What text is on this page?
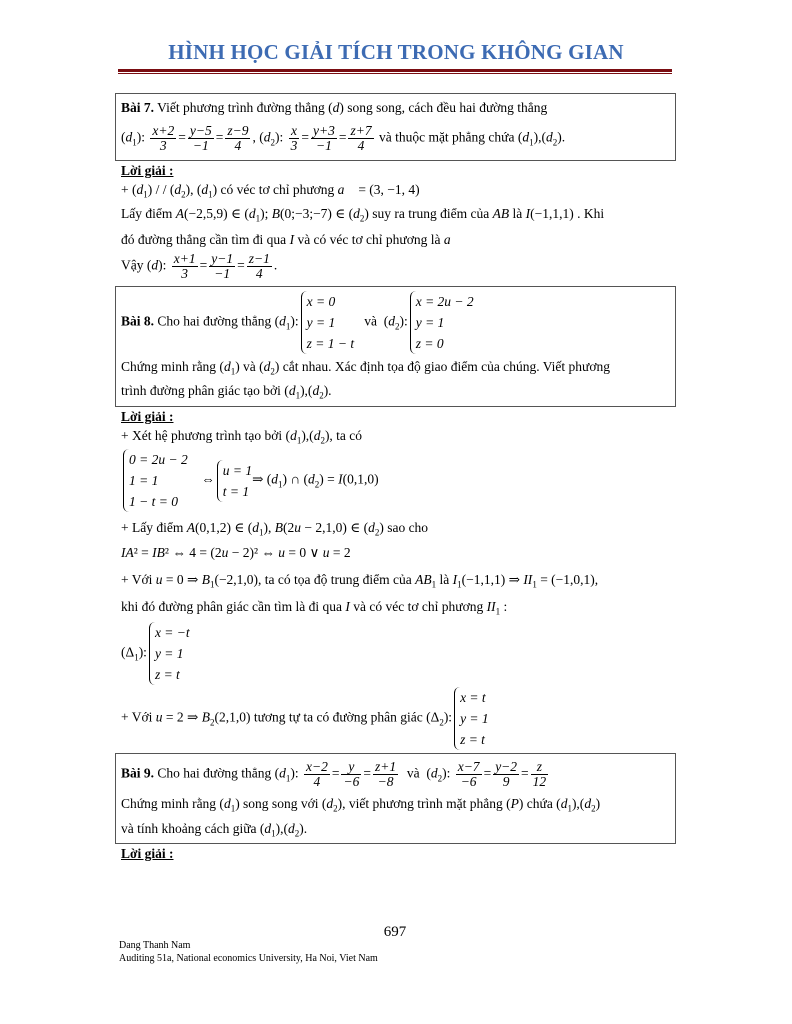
HÌNH HỌC GIẢI TÍCH TRONG KHÔNG GIAN
Bài 7. Viết phương trình đường thẳng (d) song song, cách đều hai đường thẳng
$(d_1)$: $\frac{x+2}{3} = \frac{y-5}{-1} = \frac{z-9}{4}$ , $(d_2)$: $\frac{x}{3} = \frac{y+3}{-1} = \frac{z+7}{4}$ và thuộc mặt phẳng chứa $(d_1),(d_2)$.
Lời giải :
+ $(d_1)$ / / $(d_2)$, $(d_1)$ có véc tơ chỉ phương a⃗ = (3, −1, 4)
Lấy điểm A(−2,5,9) ∈ $(d_1)$; B(0;−3;−7) ∈ $(d_2)$ suy ra trung điểm của AB là I(−1,1,1) . Khi
đó đường thẳng cần tìm đi qua I và có véc tơ chỉ phương là a⃗
Vậy (d): $\frac{x+1}{3} = \frac{y-1}{-1} = \frac{z-1}{4}$ .
Bài 8. Cho hai đường thẳng $(d_1)$:
x = 0
y = 1
z = 1 − t
và  $(d_2)$:
x = 2u − 2
y = 1
z = 0
Chứng minh rằng $(d_1)$ và $(d_2)$ cắt nhau. Xác định tọa độ giao điểm của chúng. Viết phương
trình đường phân giác tạo bởi $(d_1),(d_2)$.
Lời giải :
+ Xét hệ phương trình tạo bởi $(d_1),(d_2)$, ta có
0 = 2u − 2
1 = 1
1 − t = 0
⇔
u = 1
t = 1
⇒ $(d_1)$ ∩ $(d_2) = I(0,1,0)$
+ Lấy điểm A(0,1,2) ∈ $(d_1)$, B(2u − 2,1,0) ∈ $(d_2)$ sao cho
IA² = IB² ⇔ 4 = (2u − 2)² ⇔ u = 0 ∨ u = 2
+ Với u = 0 ⇒ $B_1(-2,1,0)$, ta có tọa độ trung điểm của $AB_1$ là $I_1(-1,1,1)$ ⇒ $II_1 = (-1,0,1)$,
khi đó đường phân giác cần tìm là đi qua I và có véc tơ chỉ phương $II_1$ :
$(\Delta_1)$:
x = −t
y = 1
z = t
+ Với u = 2 ⇒ $B_2(2,1,0)$ tương tự ta có đường phân giác $(\Delta_2)$:
x = t
y = 1
z = t
Bài 9. Cho hai đường thẳng $(d_1)$: $\frac{x-2}{4} = \frac{y}{-6} = \frac{z+1}{-8}$ và  $(d_2)$: $\frac{x-7}{-6} = \frac{y-2}{9} = \frac{z}{12}$
Chứng minh rằng $(d_1)$ song song với $(d_2)$, viết phương trình mặt phẳng (P) chứa $(d_1),(d_2)$
và tính khoảng cách giữa $(d_1),(d_2)$.
Lời giải :
697
Dang Thanh Nam
Auditing 51a, National economics University, Ha Noi, Viet Nam
